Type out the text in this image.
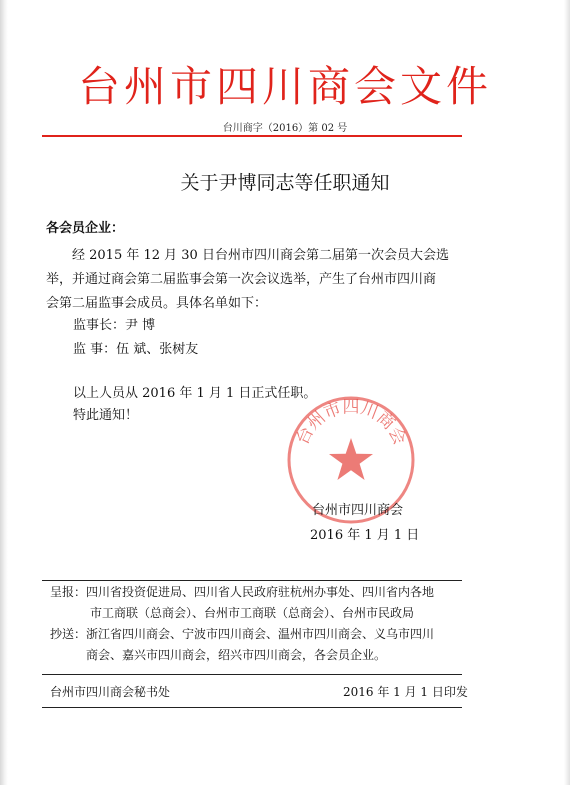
台州市四川商会文件
台川商字（2016）第 02 号
关于尹博同志等任职通知
各会员企业：
经 2015 年 12 月 30 日台州市四川商会第二届第一次会员大会选
举，并通过商会第二届监事会第一次会议选举，产生了台州市四川商
会第二届监事会成员。具体名单如下：
监事长：尹 博
监 事：伍 斌、张树友
以上人员从 2016 年 1 月 1 日正式任职。
特此通知！
台州市四川商会
台州市四川商会
2016 年 1 月 1 日
呈报： 四川省投资促进局、四川省人民政府驻杭州办事处、四川省内各地
市工商联（总商会）、台州市工商联（总商会）、台州市民政局
抄送： 浙江省四川商会、宁波市四川商会、温州市四川商会、义乌市四川
商会、嘉兴市四川商会，绍兴市四川商会，各会员企业。
台州市四川商会秘书处	2016 年 1 月 1 日印发
